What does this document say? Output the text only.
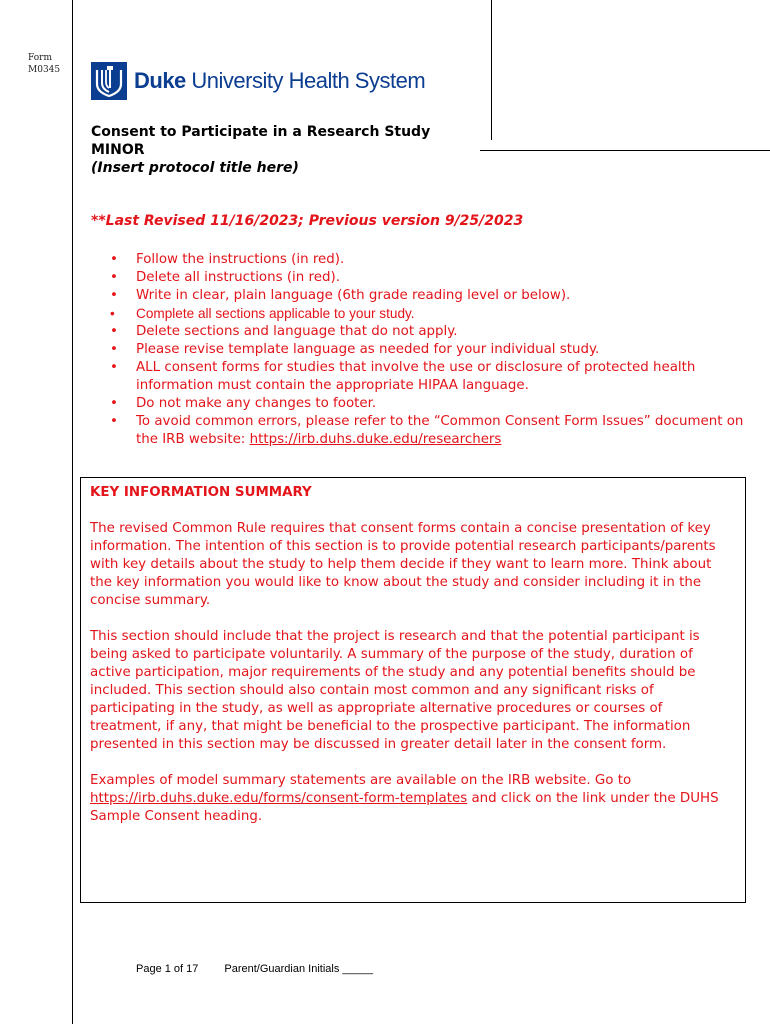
Form
M0345	Duke University Health System
Consent to Participate in a Research Study
MINOR
(Insert protocol title here)
**Last Revised 11/16/2023; Previous version 9/25/2023
• Follow the instructions (in red).
• Delete all instructions (in red).
• Write in clear, plain language (6th grade reading level or below).
• Complete all sections applicable to your study.
• Delete sections and language that do not apply.
• Please revise template language as needed for your individual study.
• ALL consent forms for studies that involve the use or disclosure of protected health information must contain the appropriate HIPAA language.
• Do not make any changes to footer.
• To avoid common errors, please refer to the “Common Consent Form Issues” document on the IRB website: https://irb.duhs.duke.edu/researchers
KEY INFORMATION SUMMARY

The revised Common Rule requires that consent forms contain a concise presentation of key information. The intention of this section is to provide potential research participants/parents with key details about the study to help them decide if they want to learn more. Think about the key information you would like to know about the study and consider including it in the concise summary.

This section should include that the project is research and that the potential participant is being asked to participate voluntarily. A summary of the purpose of the study, duration of active participation, major requirements of the study and any potential benefits should be included. This section should also contain most common and any significant risks of participating in the study, as well as appropriate alternative procedures or courses of treatment, if any, that might be beneficial to the prospective participant. The information presented in this section may be discussed in greater detail later in the consent form.

Examples of model summary statements are available on the IRB website. Go to https://irb.duhs.duke.edu/forms/consent-form-templates and click on the link under the DUHS Sample Consent heading.

Page 1 of 17 Parent/Guardian Initials _____
